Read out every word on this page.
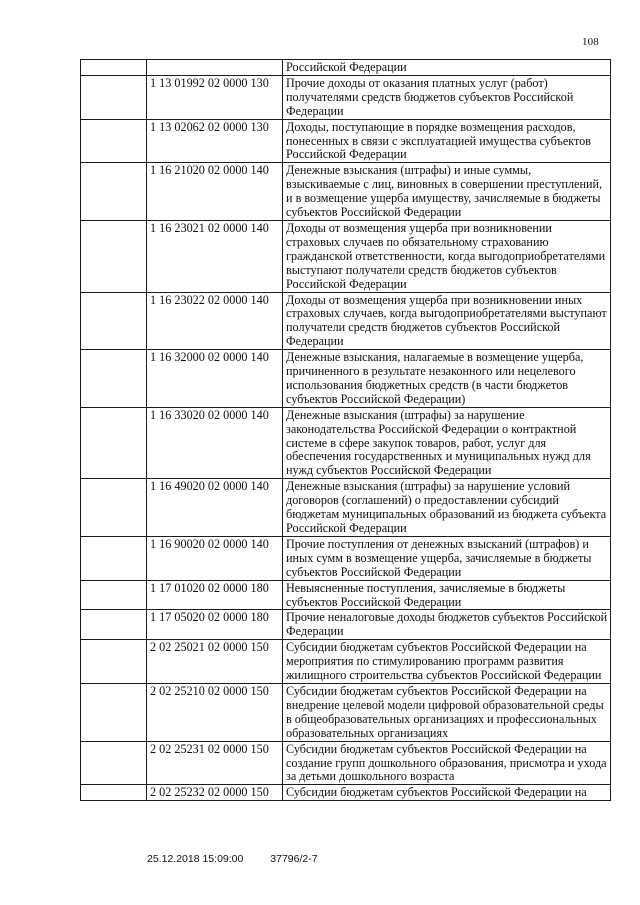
108
		Российской Федерации
	1 13 01992 02 0000 130	Прочие доходы от оказания платных услуг (работ) получателями средств бюджетов субъектов Российской Федерации
	1 13 02062 02 0000 130	Доходы, поступающие в порядке возмещения расходов, понесенных в связи с эксплуатацией имущества субъектов Российской Федерации
	1 16 21020 02 0000 140	Денежные взыскания (штрафы) и иные суммы, взыскиваемые с лиц, виновных в совершении преступлений, и в возмещение ущерба имуществу, зачисляемые в бюджеты субъектов Российской Федерации
	1 16 23021 02 0000 140	Доходы от возмещения ущерба при возникновении страховых случаев по обязательному страхованию гражданской ответственности, когда выгодоприобретателями выступают получатели средств бюджетов субъектов Российской Федерации
	1 16 23022 02 0000 140	Доходы от возмещения ущерба при возникновении иных страховых случаев, когда выгодоприобретателями выступают получатели средств бюджетов субъектов Российской Федерации
	1 16 32000 02 0000 140	Денежные взыскания, налагаемые в возмещение ущерба, причиненного в результате незаконного или нецелевого использования бюджетных средств (в части бюджетов субъектов Российской Федерации)
	1 16 33020 02 0000 140	Денежные взыскания (штрафы) за нарушение законодательства Российской Федерации о контрактной системе в сфере закупок товаров, работ, услуг для обеспечения государственных и муниципальных нужд для нужд субъектов Российской Федерации
	1 16 49020 02 0000 140	Денежные взыскания (штрафы) за нарушение условий договоров (соглашений) о предоставлении субсидий бюджетам муниципальных образований из бюджета субъекта Российской Федерации
	1 16 90020 02 0000 140	Прочие поступления от денежных взысканий (штрафов) и иных сумм в возмещение ущерба, зачисляемые в бюджеты субъектов Российской Федерации
	1 17 01020 02 0000 180	Невыясненные поступления, зачисляемые в бюджеты субъектов Российской Федерации
	1 17 05020 02 0000 180	Прочие неналоговые доходы бюджетов субъектов Российской Федерации
	2 02 25021 02 0000 150	Субсидии бюджетам субъектов Российской Федерации на мероприятия по стимулированию программ развития жилищного строительства субъектов Российской Федерации
	2 02 25210 02 0000 150	Субсидии бюджетам субъектов Российской Федерации на внедрение целевой модели цифровой образовательной среды в общеобразовательных организациях и профессиональных образовательных организациях
	2 02 25231 02 0000 150	Субсидии бюджетам субъектов Российской Федерации на создание групп дошкольного образования, присмотра и ухода за детьми дошкольного возраста
	2 02 25232 02 0000 150	Субсидии бюджетам субъектов Российской Федерации на
25.12.2018 15:09:00	37796/2-7
